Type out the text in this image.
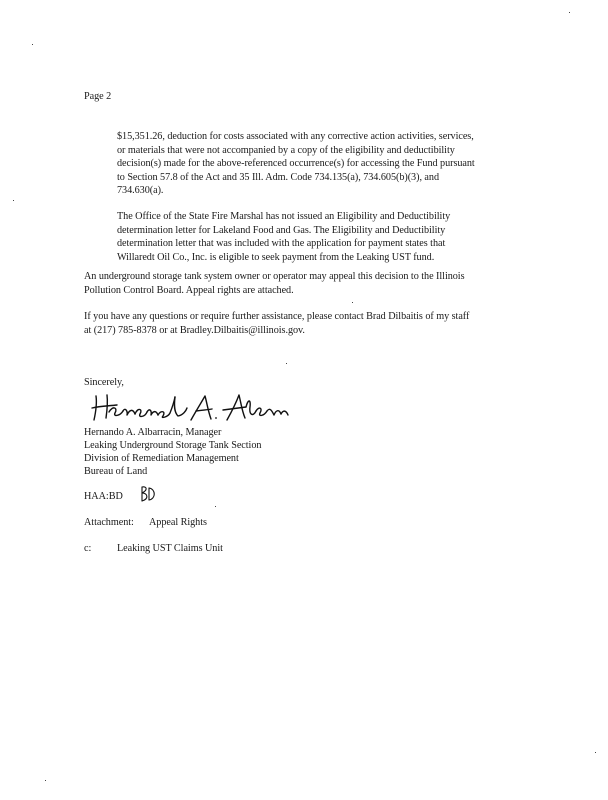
Page 2
$15,351.26, deduction for costs associated with any corrective action activities, services,
or materials that were not accompanied by a copy of the eligibility and deductibility
decision(s) made for the above-referenced occurrence(s) for accessing the Fund pursuant
to Section 57.8 of the Act and 35 Ill. Adm. Code 734.135(a), 734.605(b)(3), and
734.630(a).
The Office of the State Fire Marshal has not issued an Eligibility and Deductibility
determination letter for Lakeland Food and Gas. The Eligibility and Deductibility
determination letter that was included with the application for payment states that
Willaredt Oil Co., Inc. is eligible to seek payment from the Leaking UST fund.
An underground storage tank system owner or operator may appeal this decision to the Illinois
Pollution Control Board. Appeal rights are attached.
If you have any questions or require further assistance, please contact Brad Dilbaitis of my staff
at (217) 785-8378 or at Bradley.Dilbaitis@illinois.gov.
Sincerely,
Hernando A. Albarracin, Manager
Leaking Underground Storage Tank Section
Division of Remediation Management
Bureau of Land
HAA:BD
Attachment: Appeal Rights
c:	Leaking UST Claims Unit
